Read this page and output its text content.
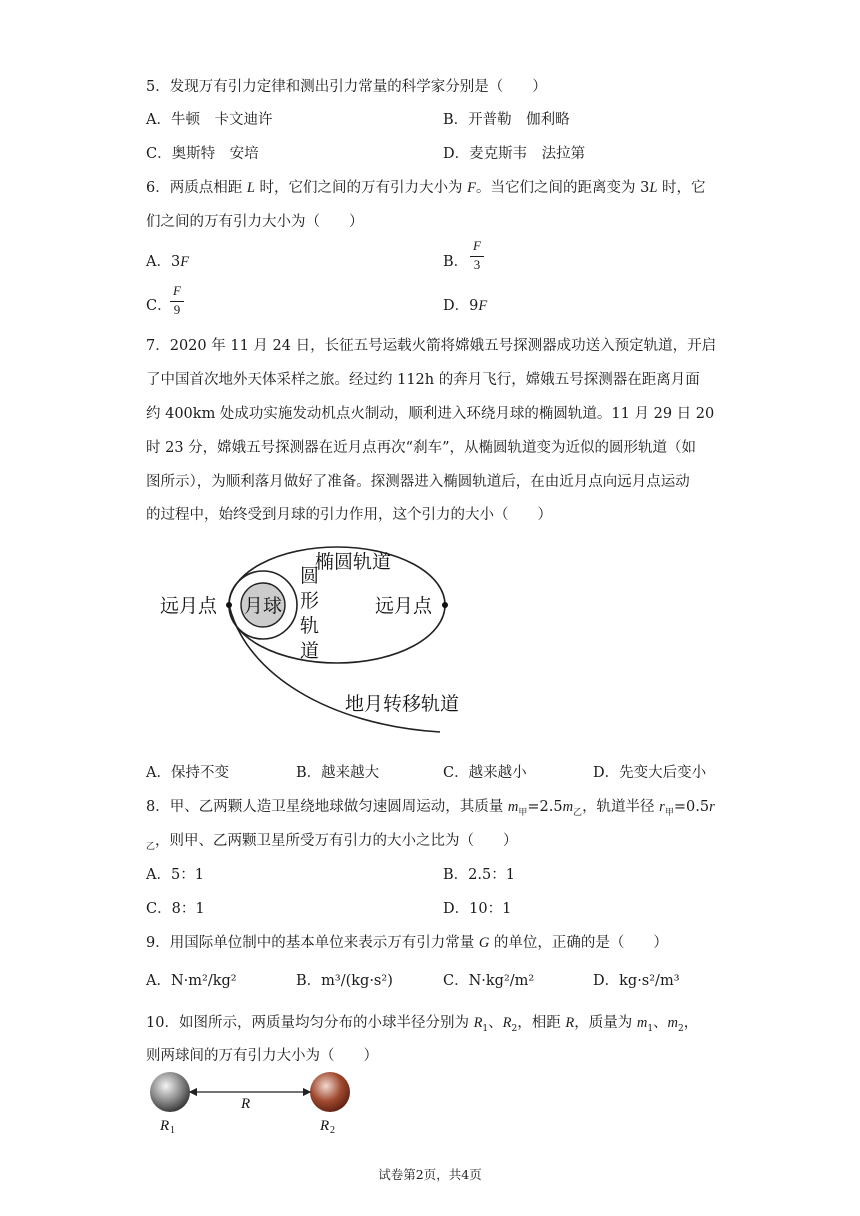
5．发现万有引力定律和测出引力常量的科学家分别是（　　）
A．牛顿　卡文迪许	B．开普勒　伽利略
C．奥斯特　安培	D．麦克斯韦　法拉第
6．两质点相距 L 时，它们之间的万有引力大小为 F。当它们之间的距离变为 3L 时，它
们之间的万有引力大小为（　　）
A．3F	B．
F
3
C．
F
9	D．9F
7．2020 年 11 月 24 日，长征五号运载火箭将嫦娥五号探测器成功送入预定轨道，开启
了中国首次地外天体采样之旅。经过约 112h 的奔月飞行，嫦娥五号探测器在距离月面
约 400km 处成功实施发动机点火制动，顺利进入环绕月球的椭圆轨道。11 月 29 日 20
时 23 分，嫦娥五号探测器在近月点再次“刹车”，从椭圆轨道变为近似的圆形轨道（如
图所示），为顺利落月做好了准备。探测器进入椭圆轨道后，在由近月点向远月点运动
的过程中，始终受到月球的引力作用，这个引力的大小（　　）
远月点 月球	远月点
椭圆轨道
圆
形
轨
道
地月转移轨道
A．保持不变	B．越来越大	C．越来越小	D．先变大后变小
8．甲、乙两颗人造卫星绕地球做匀速圆周运动，其质量 $m_甲=2.5m_乙$，轨道半径 $r_甲=0.5r$
$_乙$，则甲、乙两颗卫星所受万有引力的大小之比为（　　）
A．5：1	B．2.5：1
C．8：1	D．10：1
9．用国际单位制中的基本单位来表示万有引力常量 G 的单位，正确的是（　　）
A．N·m²/kg²	B．m³/(kg·s²)	C．N·kg²/m²	D．kg·s²/m³
10．如图所示，两质量均匀分布的小球半径分别为 $R_1$、$R_2$，相距 R，质量为 $m_1$、$m_2$，
则两球间的万有引力大小为（　　）
R
R 1	R 2
试卷第2页，共4页
